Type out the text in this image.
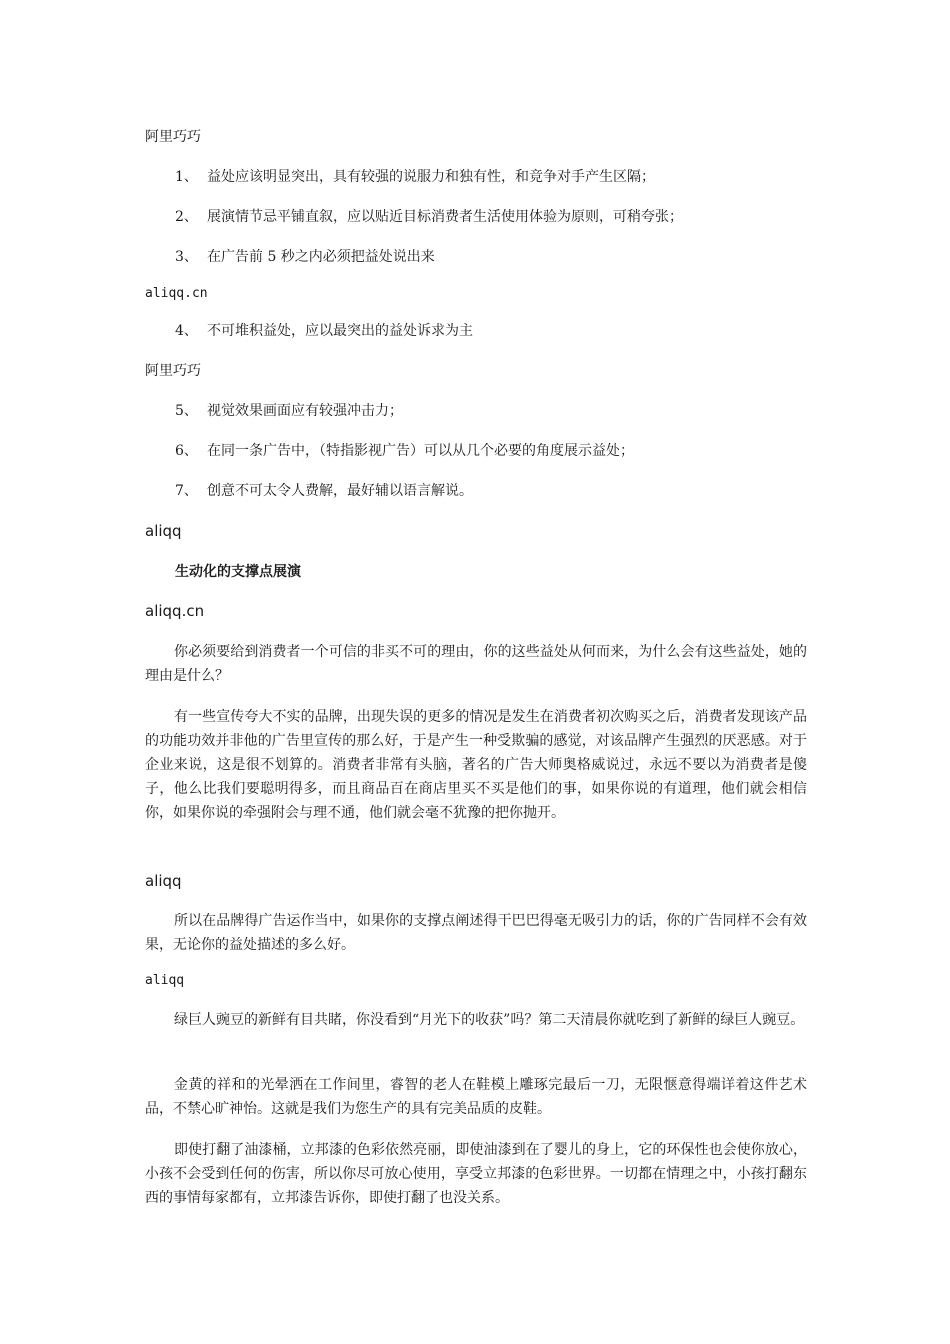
阿里巧巧
1、 益处应该明显突出，具有较强的说服力和独有性，和竞争对手产生区隔；
2、 展演情节忌平铺直叙，应以贴近目标消费者生活使用体验为原则，可稍夸张；
3、 在广告前 5 秒之内必须把益处说出来
aliqq.cn
4、 不可堆积益处，应以最突出的益处诉求为主
阿里巧巧
5、 视觉效果画面应有较强冲击力；
6、 在同一条广告中，（特指影视广告）可以从几个必要的角度展示益处；
7、 创意不可太令人费解，最好辅以语言解说。
aliqq
生动化的支撑点展演
aliqq.cn

你必须要给到消费者一个可信的非买不可的理由，你的这些益处从何而来，为什么会有这些益处，她的理由是什么？

有一些宣传夸大不实的品牌，出现失误的更多的情况是发生在消费者初次购买之后，消费者发现该产品的功能功效并非他的广告里宣传的那么好，于是产生一种受欺骗的感觉，对该品牌产生强烈的厌恶感。对于企业来说，这是很不划算的。消费者非常有头脑，著名的广告大师奥格威说过，永远不要以为消费者是傻子，他么比我们要聪明得多，而且商品百在商店里买不买是他们的事，如果你说的有道理，他们就会相信你，如果你说的牵强附会与理不通，他们就会毫不犹豫的把你抛开。

aliqq

所以在品牌得广告运作当中，如果你的支撑点阐述得干巴巴得毫无吸引力的话，你的广告同样不会有效果，无论你的益处描述的多么好。

aliqq

绿巨人豌豆的新鲜有目共睹，你没看到“月光下的收获”吗？第二天清晨你就吃到了新鲜的绿巨人豌豆。

金黄的祥和的光晕洒在工作间里，睿智的老人在鞋模上雕琢完最后一刀，无限惬意得端详着这件艺术品，不禁心旷神怡。这就是我们为您生产的具有完美品质的皮鞋。

即使打翻了油漆桶，立邦漆的色彩依然亮丽，即使油漆到在了婴儿的身上，它的环保性也会使你放心，小孩不会受到任何的伤害，所以你尽可放心使用，享受立邦漆的色彩世界。一切都在情理之中，小孩打翻东西的事情每家都有，立邦漆告诉你，即使打翻了也没关系。
